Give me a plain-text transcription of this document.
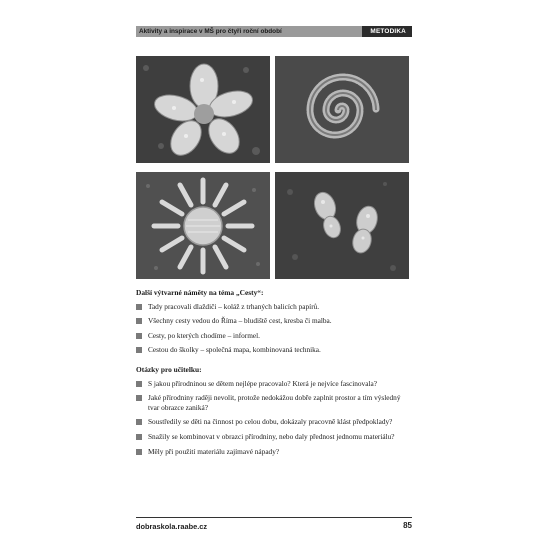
Aktivity a inspirace v MŠ pro čtyři roční období	METODIKA

Další výtvarné náměty na téma „Cesty“:

Tady pracovali dlaždiči – koláž z trhaných balicích papírů.
Všechny cesty vedou do Říma – bludiště cest, kresba či malba.
Cesty, po kterých chodíme – informel.
Cestou do školky – společná mapa, kombinovaná technika.

Otázky pro učitelku:

S jakou přírodninou se dětem nejlépe pracovalo? Která je nejvíce fascinovala?
Jaké přírodniny raději nevolit, protože nedokážou dobře zaplnit prostor a tím výsledný tvar obrazce zaniká?
Soustředily se děti na činnost po celou dobu, dokázaly pracovně klást předpoklady?
Snažily se kombinovat v obrazci přírodniny, nebo daly přednost jednomu materiálu?
Měly při použití materiálu zajímavé nápady?
dobraskola.raabe.cz	85
